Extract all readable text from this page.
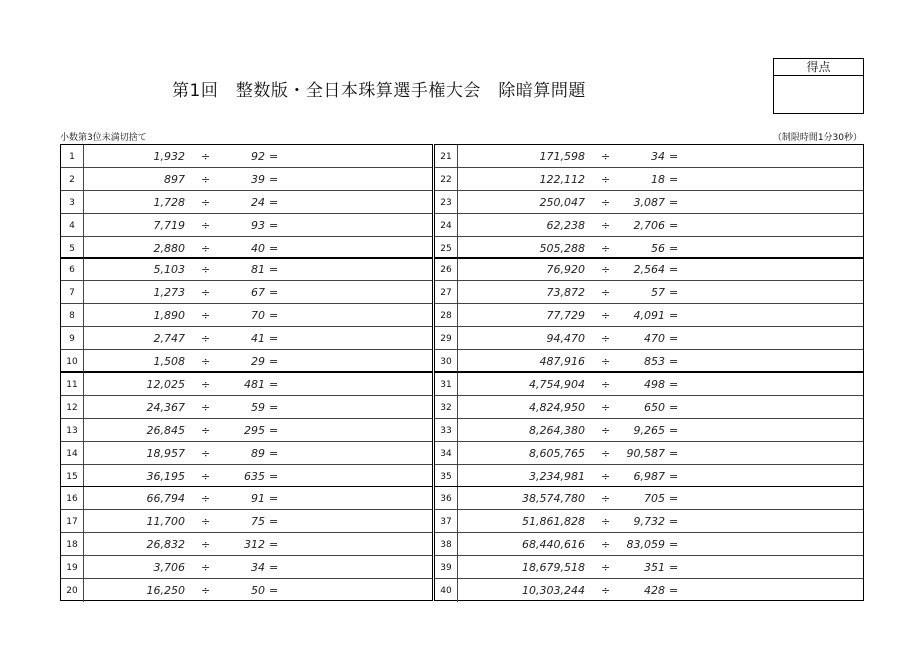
第1回　整数版・全日本珠算選手権大会　除暗算問題
得点
小数第3位未満切捨て	（制限時間1分30秒）
1	1,932 ÷	92 =
2	897 ÷	39 =
3	1,728 ÷	24 =
4	7,719 ÷	93 =
5	2,880 ÷	40 =
6	5,103 ÷	81 =
7	1,273 ÷	67 =
8	1,890 ÷	70 =
9	2,747 ÷	41 =
10	1,508 ÷	29 =
11	12,025 ÷	481 =
12	24,367 ÷	59 =
13	26,845 ÷	295 =
14	18,957 ÷	89 =
15	36,195 ÷	635 =
16	66,794 ÷	91 =
17	11,700 ÷	75 =
18	26,832 ÷	312 =
19	3,706 ÷	34 =
20	16,250 ÷	50 =
21	171,598 ÷	34 =
22	122,112 ÷	18 =
23	250,047 ÷ 3,087 =
24	62,238 ÷ 2,706 =
25	505,288 ÷	56 =
26	76,920 ÷ 2,564 =
27	73,872 ÷	57 =
28	77,729 ÷ 4,091 =
29	94,470 ÷	470 =
30	487,916 ÷	853 =
31	4,754,904 ÷	498 =
32	4,824,950 ÷	650 =
33	8,264,380 ÷ 9,265 =
34	8,605,765 ÷ 90,587 =
35	3,234,981 ÷ 6,987 =
36	38,574,780 ÷	705 =
37	51,861,828 ÷ 9,732 =
38	68,440,616 ÷ 83,059 =
39	18,679,518 ÷	351 =
40	10,303,244 ÷	428 =
